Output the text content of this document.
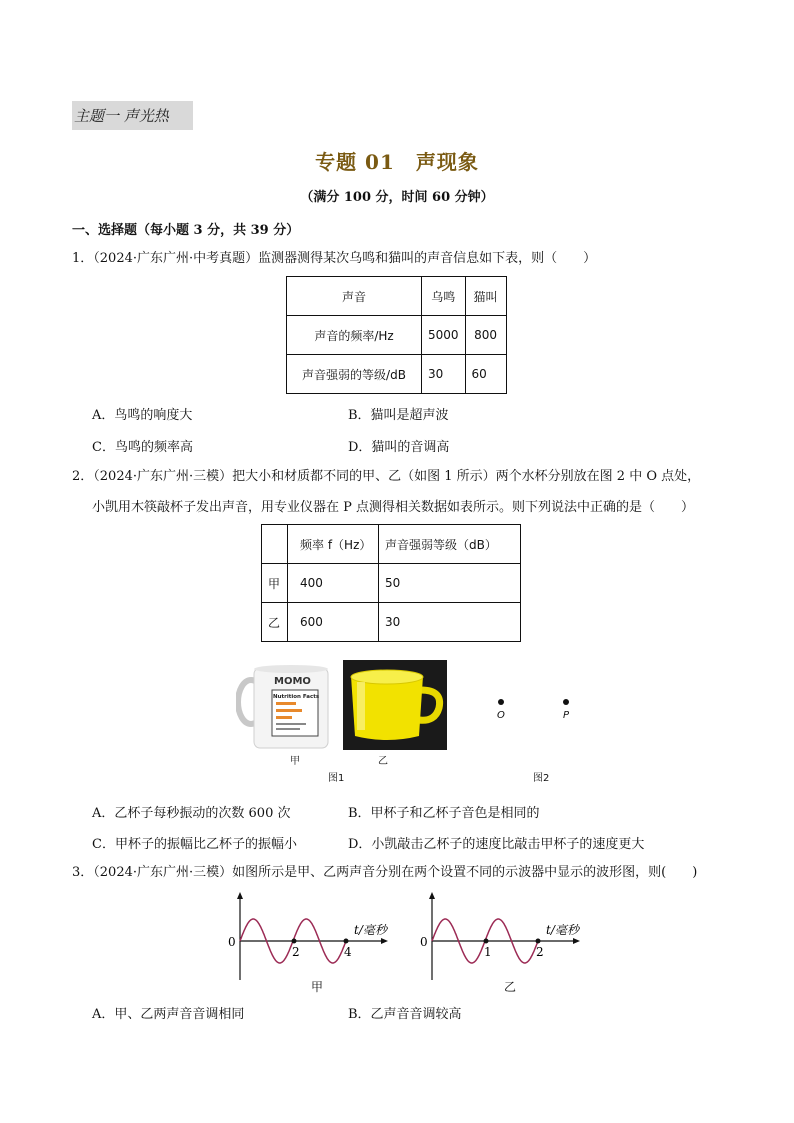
主题一 声光热
专题 01　声现象
（满分 100 分，时间 60 分钟）
一、选择题（每小题 3 分，共 39 分）
1．（2024·广东广州·中考真题）监测器测得某次乌鸣和猫叫的声音信息如下表，则（　　）
声音	乌鸣	猫叫
声音的频率/Hz	5000	800
声音强弱的等级/dB	30	60
A．鸟鸣的响度大	B．猫叫是超声波
C．鸟鸣的频率高	D．猫叫的音调高
2．（2024·广东广州·三模）把大小和材质都不同的甲、乙（如图 1 所示）两个水杯分别放在图 2 中 O 点处，
小凯用木筷敲杯子发出声音，用专业仪器在 P 点测得相关数据如表所示。则下列说法中正确的是（　　）
	频率 f（Hz）	声音强弱等级（dB）
甲	400	50
乙	600	30
MOMO
Nutrition Facts
甲	乙
图1
O	P
图2
A．乙杯子每秒振动的次数 600 次	B．甲杯子和乙杯子音色是相同的
C．甲杯子的振幅比乙杯子的振幅小	D．小凯敲击乙杯子的速度比敲击甲杯子的速度更大
3．（2024·广东广州·三模）如图所示是甲、乙两声音分别在两个设置不同的示波器中显示的波形图，则(　　)
0
2	4
t/毫秒
甲
0
1	2
t/毫秒
乙
A．甲、乙两声音音调相同	B．乙声音音调较高
